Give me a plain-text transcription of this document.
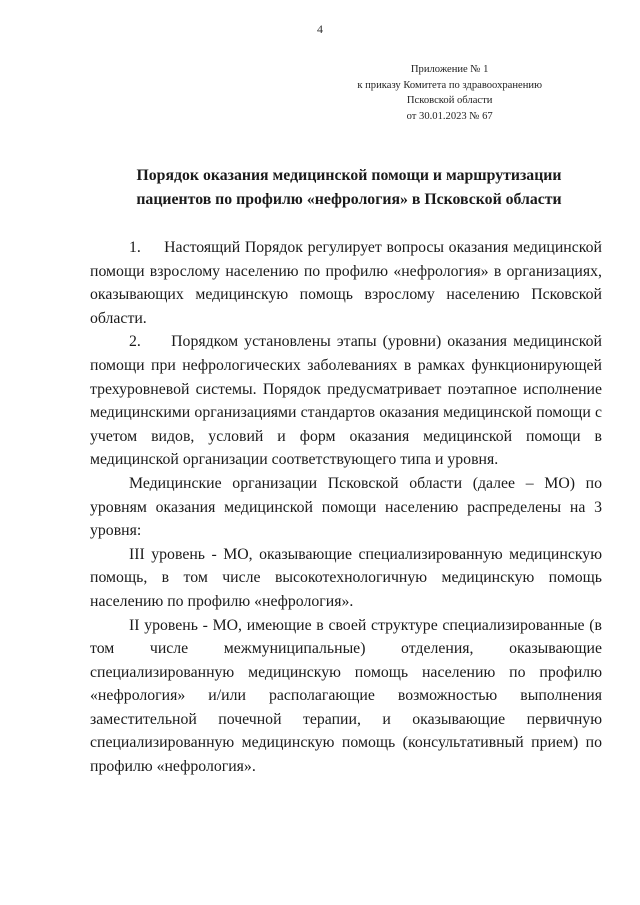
4
Приложение № 1
к приказу Комитета по здравоохранению
Псковской области
от 30.01.2023 № 67
Порядок оказания медицинской помощи и маршрутизации
пациентов по профилю «нефрология» в Псковской области

1.     Настоящий Порядок регулирует вопросы оказания медицинской помощи взрослому населению по профилю «нефрология» в организациях, оказывающих медицинскую помощь взрослому населению Псковской области.

2.     Порядком установлены этапы (уровни) оказания медицинской помощи при нефрологических заболеваниях в рамках функционирующей трехуровневой системы. Порядок предусматривает поэтапное исполнение медицинскими организациями стандартов оказания медицинской помощи с учетом видов, условий и форм оказания медицинской помощи в медицинской организации соответствующего типа и уровня.

Медицинские организации Псковской области (далее – МО) по уровням оказания медицинской помощи населению распределены на 3 уровня:

III уровень - МО, оказывающие специализированную медицинскую помощь, в том числе высокотехнологичную медицинскую помощь населению по профилю «нефрология».

II уровень - МО, имеющие в своей структуре специализированные (в том числе межмуниципальные) отделения, оказывающие специализированную медицинскую помощь населению по профилю «нефрология» и/или располагающие возможностью выполнения заместительной почечной терапии, и оказывающие первичную специализированную медицинскую помощь (консультативный прием) по профилю «нефрология».
